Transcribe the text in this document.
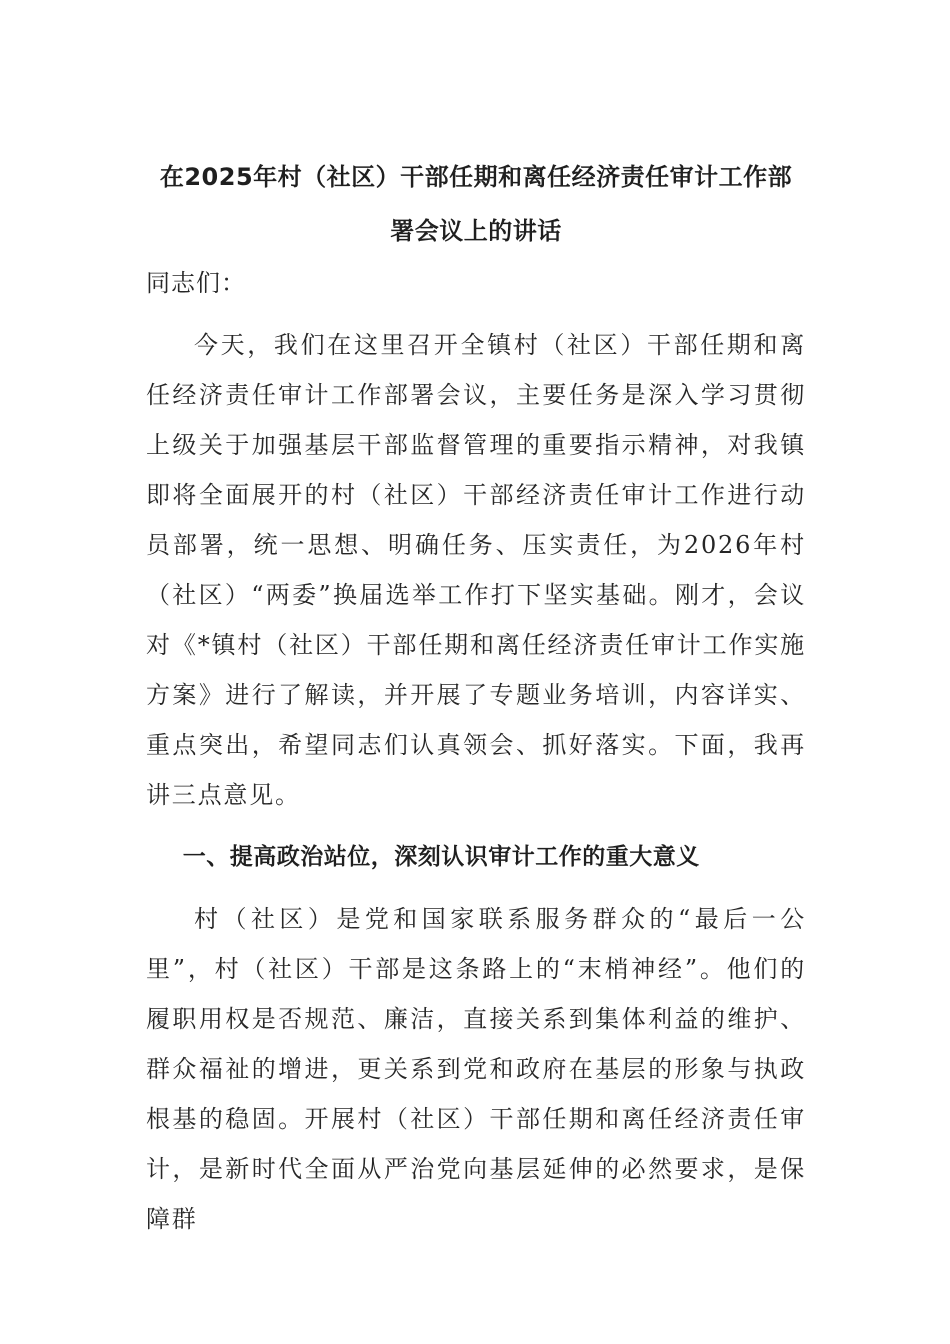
在2025年村（社区）干部任期和离任经济责任审计工作部
署会议上的讲话

同志们：

今天，我们在这里召开全镇村（社区）干部任期和离任经济责任审计工作部署会议，主要任务是深入学习贯彻上级关于加强基层干部监督管理的重要指示精神，对我镇即将全面展开的村（社区）干部经济责任审计工作进行动员部署，统一思想、明确任务、压实责任，为2026年村（社区）“两委”换届选举工作打下坚实基础。刚才，会议对《*镇村（社区）干部任期和离任经济责任审计工作实施方案》进行了解读，并开展了专题业务培训，内容详实、重点突出，希望同志们认真领会、抓好落实。下面，我再讲三点意见。

一、提高政治站位，深刻认识审计工作的重大意义

村（社区）是党和国家联系服务群众的“最后一公里”，村（社区）干部是这条路上的“末梢神经”。他们的履职用权是否规范、廉洁，直接关系到集体利益的维护、群众福祉的增进，更关系到党和政府在基层的形象与执政根基的稳固。开展村（社区）干部任期和离任经济责任审计，是新时代全面从严治党向基层延伸的必然要求，是保障群
